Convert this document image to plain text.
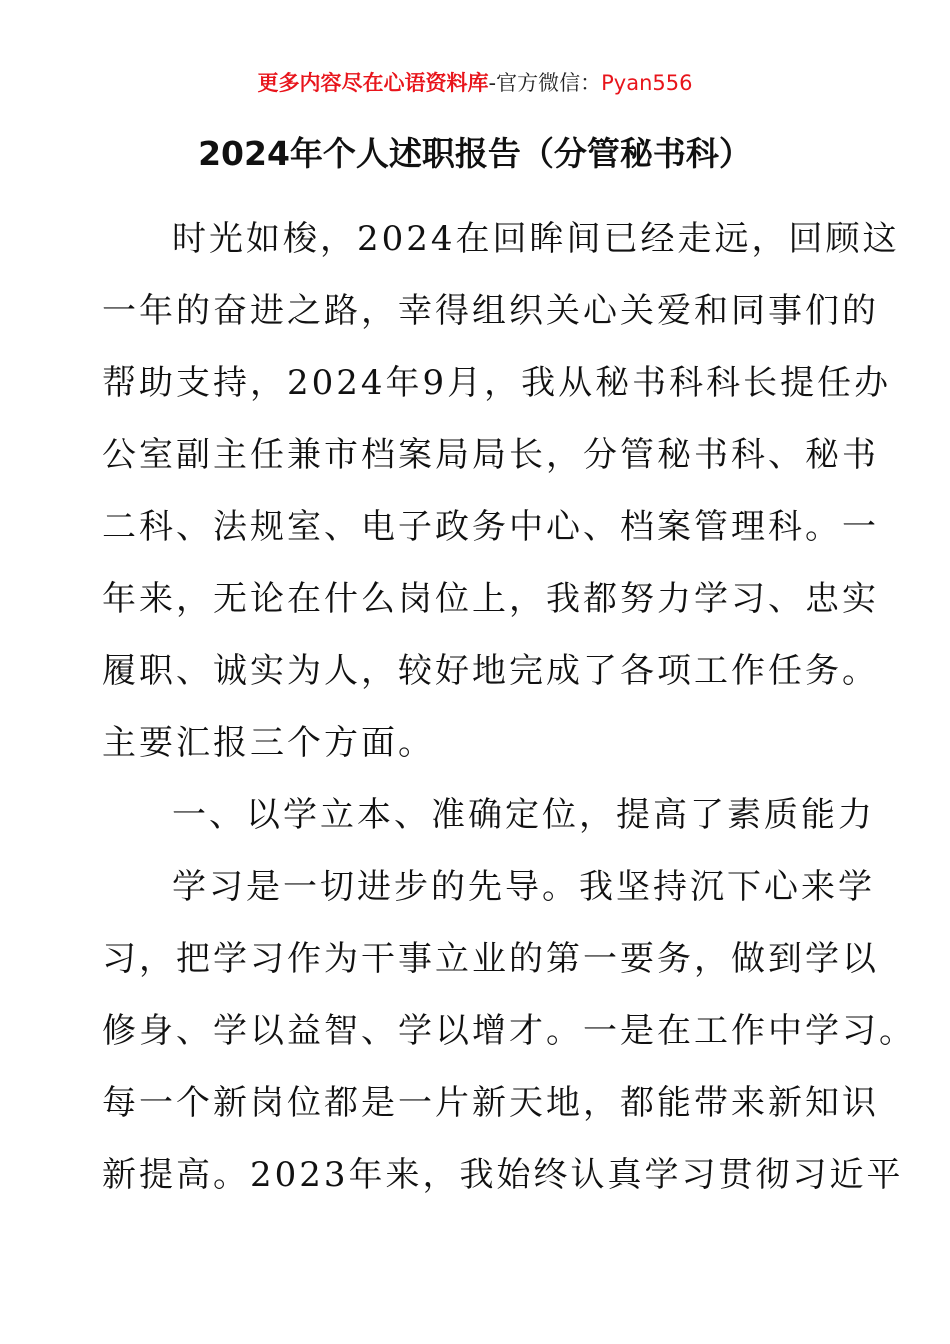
更多内容尽在心语资料库-官方微信：Pyan556
2024年个人述职报告（分管秘书科）
时光如梭，2024在回眸间已经走远，回顾这
一年的奋进之路，幸得组织关心关爱和同事们的
帮助支持，2024年9月，我从秘书科科长提任办
公室副主任兼市档案局局长，分管秘书科、秘书
二科、法规室、电子政务中心、档案管理科。一
年来，无论在什么岗位上，我都努力学习、忠实
履职、诚实为人，较好地完成了各项工作任务。
主要汇报三个方面。
一、以学立本、准确定位，提高了素质能力
学习是一切进步的先导。我坚持沉下心来学
习，把学习作为干事立业的第一要务，做到学以
修身、学以益智、学以增才。一是在工作中学习。
每一个新岗位都是一片新天地，都能带来新知识
新提高。2023年来，我始终认真学习贯彻习近平
